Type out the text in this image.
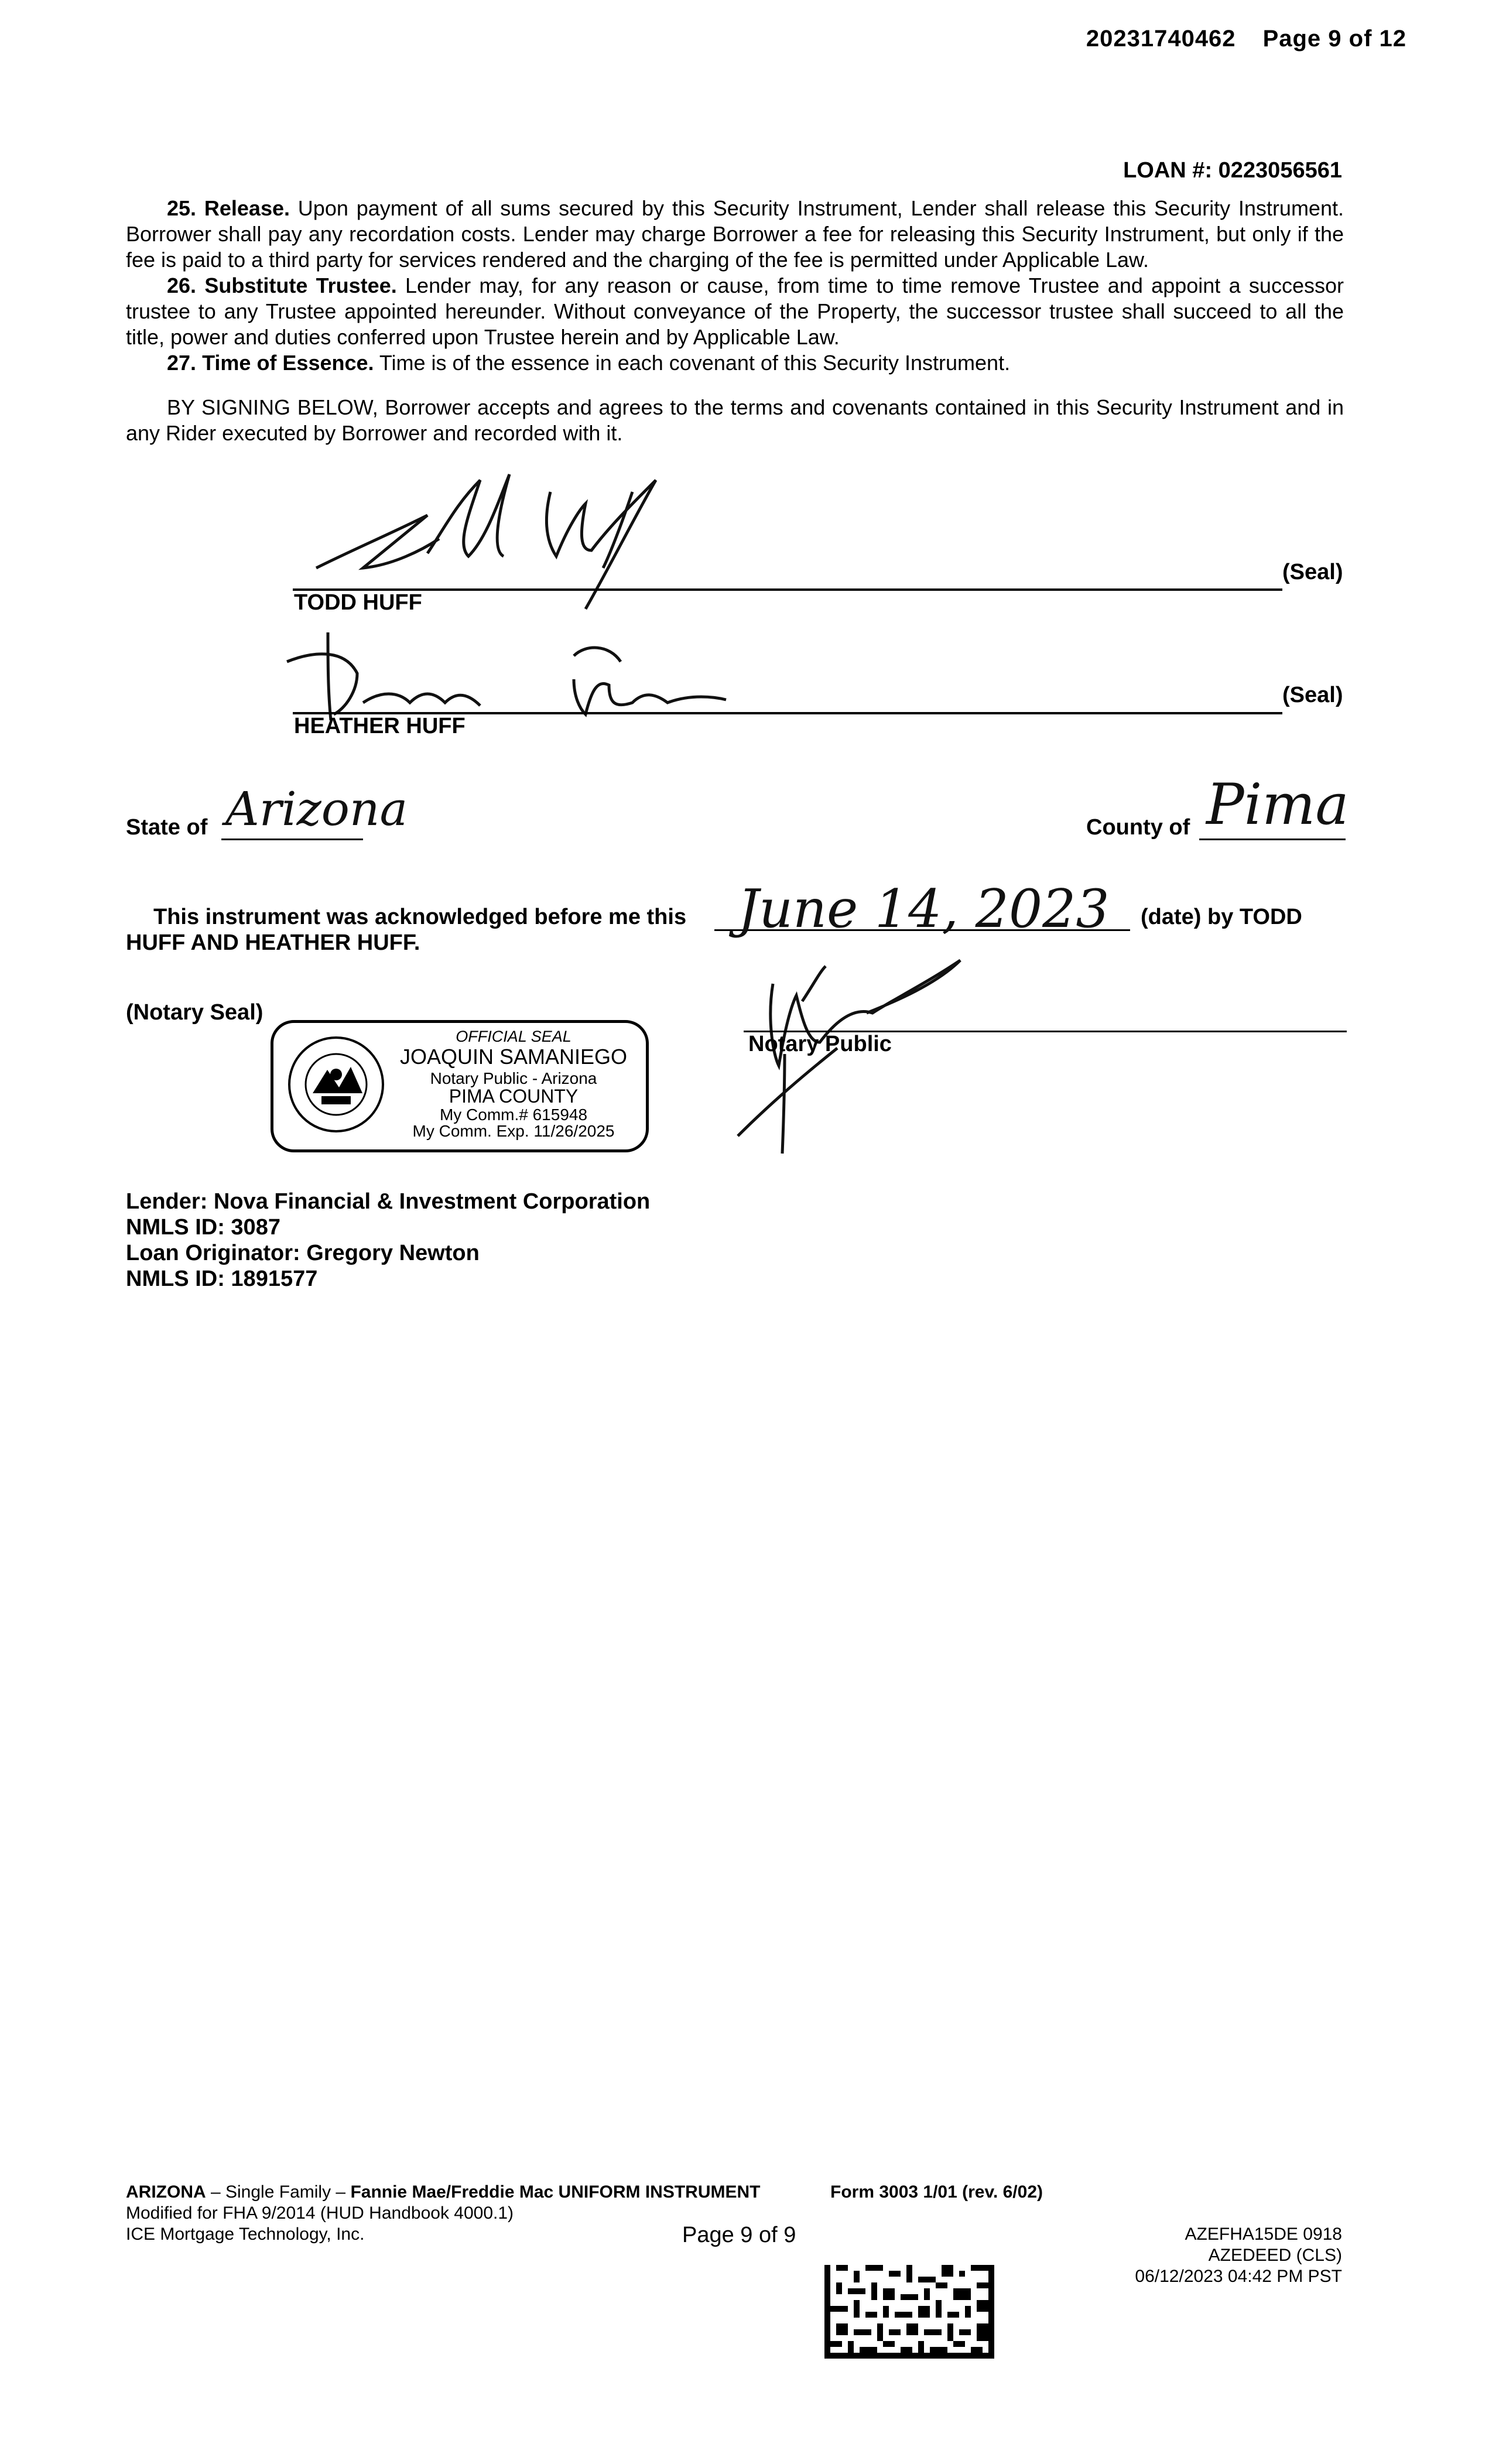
20231740462 Page 9 of 12
LOAN #: 0223056561

25. Release. Upon payment of all sums secured by this Security Instrument, Lender shall release this Security Instrument. Borrower shall pay any recordation costs. Lender may charge Borrower a fee for releasing this Security Instrument, but only if the fee is paid to a third party for services rendered and the charging of the fee is permitted under Applicable Law.

26. Substitute Trustee. Lender may, for any reason or cause, from time to time remove Trustee and appoint a successor trustee to any Trustee appointed hereunder. Without conveyance of the Property, the successor trustee shall succeed to all the title, power and duties conferred upon Trustee herein and by Applicable Law.

27. Time of Essence. Time is of the essence in each covenant of this Security Instrument.

BY SIGNING BELOW, Borrower accepts and agrees to the terms and covenants contained in this Security Instrument and in any Rider executed by Borrower and recorded with it.

TODD HUFF
(Seal)
HEATHER HUFF
(Seal)
State of Arizona	County of Pima
This instrument was acknowledged before me this June 14, 2023 (date) by TODD
HUFF AND HEATHER HUFF.
(Notary Seal)
OFFICIAL SEAL
JOAQUIN SAMANIEGO
Notary Public - Arizona
PIMA COUNTY
My Comm.# 615948
My Comm. Exp. 11/26/2025
Notary Public
Lender: Nova Financial & Investment Corporation
NMLS ID: 3087
Loan Originator: Gregory Newton
NMLS ID: 1891577
ARIZONA – Single Family – Fannie Mae/Freddie Mac UNIFORM INSTRUMENT	Form 3003 1/01 (rev. 6/02)
Modified for FHA 9/2014 (HUD Handbook 4000.1)
ICE Mortgage Technology, Inc.	Page 9 of 9	AZEFHA15DE 0918
AZEDEED (CLS)
06/12/2023 04:42 PM PST
